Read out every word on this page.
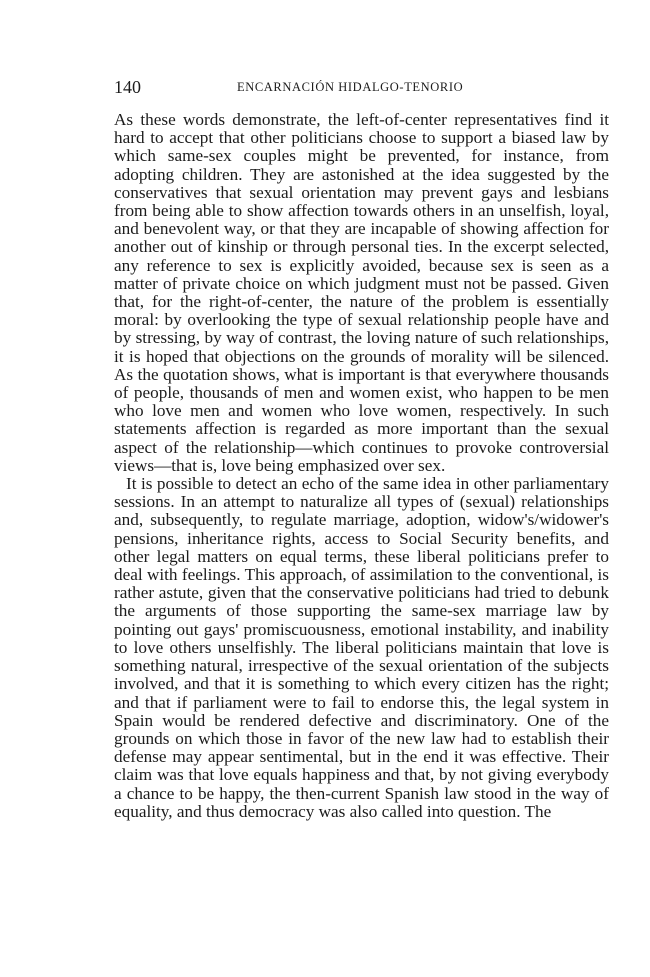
140	ENCARNACIÓN HIDALGO-TENORIO

As these words demonstrate, the left-of-center representatives find it hard to accept that other politicians choose to support a biased law by which same-sex couples might be prevented, for instance, from adopting children. They are astonished at the idea suggested by the conservatives that sexual orientation may prevent gays and lesbians from being able to show affection towards others in an unselfish, loyal, and benevolent way, or that they are incapable of showing affection for another out of kinship or through personal ties. In the excerpt selected, any reference to sex is explicitly avoided, because sex is seen as a matter of private choice on which judgment must not be passed. Given that, for the right-of-center, the nature of the problem is essentially moral: by overlooking the type of sexual relationship people have and by stressing, by way of contrast, the loving nature of such relationships, it is hoped that objections on the grounds of morality will be silenced. As the quotation shows, what is important is that everywhere thousands of people, thousands of men and women exist, who happen to be men who love men and women who love women, respectively. In such statements affection is regarded as more important than the sexual aspect of the relationship—which continues to provoke controversial views—that is, love being emphasized over sex.

It is possible to detect an echo of the same idea in other parliamentary sessions. In an attempt to naturalize all types of (sexual) relationships and, subsequently, to regulate marriage, adoption, widow's/widower's pensions, inheritance rights, access to Social Security benefits, and other legal matters on equal terms, these liberal politicians prefer to deal with feelings. This approach, of assimilation to the conventional, is rather astute, given that the conservative politicians had tried to debunk the arguments of those supporting the same-sex marriage law by pointing out gays' promiscuousness, emotional instability, and inability to love others unselfishly. The liberal politicians maintain that love is something natural, irrespective of the sexual orientation of the subjects involved, and that it is something to which every citizen has the right; and that if parliament were to fail to endorse this, the legal system in Spain would be rendered defective and discriminatory. One of the grounds on which those in favor of the new law had to establish their defense may appear sentimental, but in the end it was effective. Their claim was that love equals happiness and that, by not giving everybody a chance to be happy, the then-current Spanish law stood in the way of equality, and thus democracy was also called into question. The
